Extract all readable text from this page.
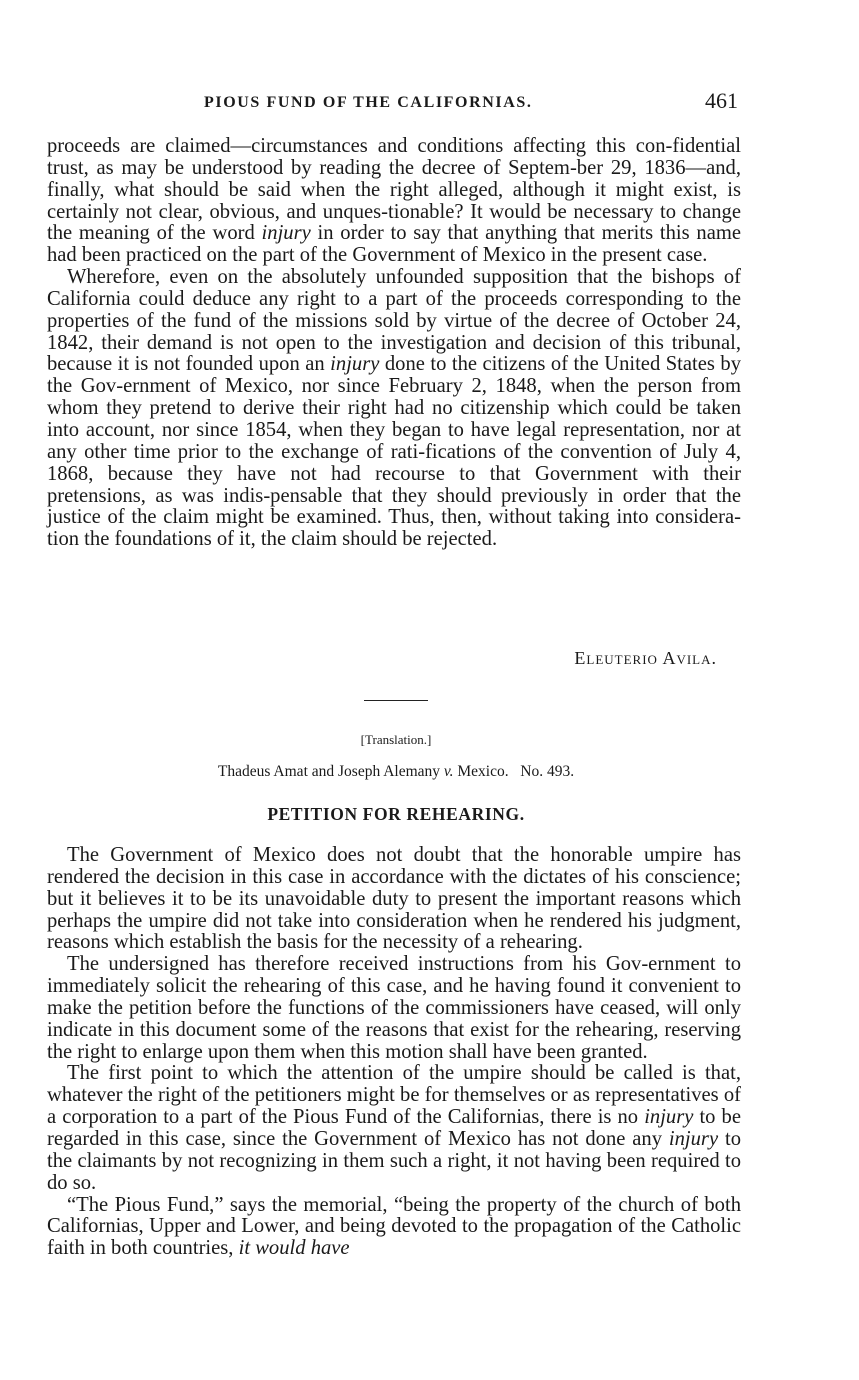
PIOUS FUND OF THE CALIFORNIAS.	461

proceeds are claimed—circumstances and conditions affecting this con-fidential trust, as may be understood by reading the decree of Septem-ber 29, 1836—and, finally, what should be said when the right alleged, although it might exist, is certainly not clear, obvious, and unques-tionable? It would be necessary to change the meaning of the word injury in order to say that anything that merits this name had been practiced on the part of the Government of Mexico in the present case.

Wherefore, even on the absolutely unfounded supposition that the bishops of California could deduce any right to a part of the proceeds corresponding to the properties of the fund of the missions sold by virtue of the decree of October 24, 1842, their demand is not open to the investigation and decision of this tribunal, because it is not founded upon an injury done to the citizens of the United States by the Gov-ernment of Mexico, nor since February 2, 1848, when the person from whom they pretend to derive their right had no citizenship which could be taken into account, nor since 1854, when they began to have legal representation, nor at any other time prior to the exchange of rati-fications of the convention of July 4, 1868, because they have not had recourse to that Government with their pretensions, as was indis-pensable that they should previously in order that the justice of the claim might be examined. Thus, then, without taking into considera-tion the foundations of it, the claim should be rejected.

Eleuterio Avila.
[Translation.]
Thadeus Amat and Joseph Alemany v. Mexico. No. 493.
PETITION FOR REHEARING.

The Government of Mexico does not doubt that the honorable umpire has rendered the decision in this case in accordance with the dictates of his conscience; but it believes it to be its unavoidable duty to present the important reasons which perhaps the umpire did not take into consideration when he rendered his judgment, reasons which establish the basis for the necessity of a rehearing.

The undersigned has therefore received instructions from his Gov-ernment to immediately solicit the rehearing of this case, and he having found it convenient to make the petition before the functions of the commissioners have ceased, will only indicate in this document some of the reasons that exist for the rehearing, reserving the right to enlarge upon them when this motion shall have been granted.

The first point to which the attention of the umpire should be called is that, whatever the right of the petitioners might be for themselves or as representatives of a corporation to a part of the Pious Fund of the Californias, there is no injury to be regarded in this case, since the Government of Mexico has not done any injury to the claimants by not recognizing in them such a right, it not having been required to do so.

“The Pious Fund,” says the memorial, “being the property of the church of both Californias, Upper and Lower, and being devoted to the propagation of the Catholic faith in both countries, it would have
